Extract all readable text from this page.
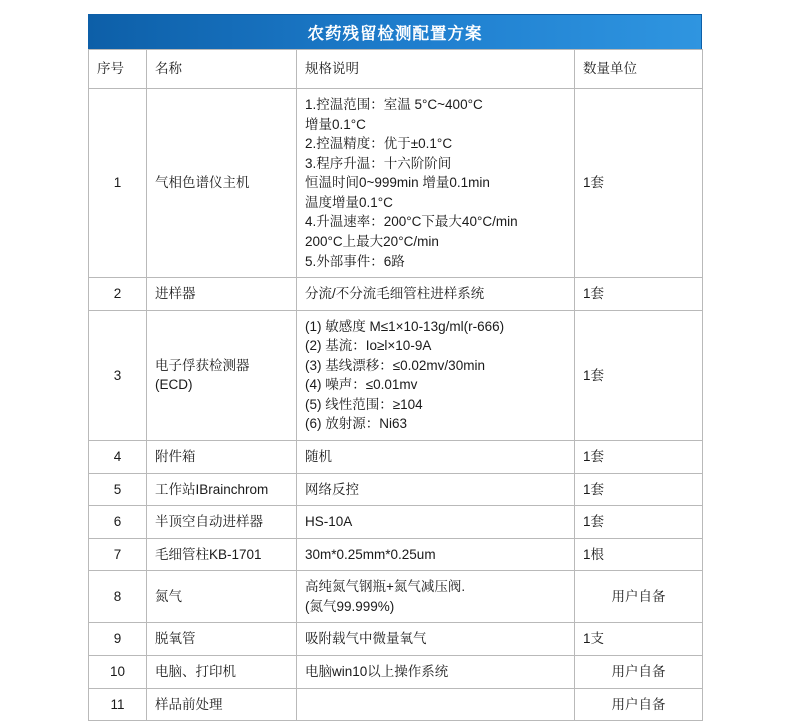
农药残留检测配置方案
序号	名称	规格说明	数量单位
1	气相色谱仪主机	1.控温范围：室温 5°C~400°C
增量0.1°C
2.控温精度：优于±0.1°C
3.程序升温：十六阶阶间
恒温时间0~999min 增量0.1min
温度增量0.1°C
4.升温速率：200°C下最大40°C/min
200°C上最大20°C/min
5.外部事件：6路	1套
2	进样器	分流/不分流毛细管柱进样系统	1套
3	电子俘获检测器
(ECD)	(1) 敏感度 M≤1×10-13g/ml(r-666)
(2) 基流：Io≥l×10-9A
(3) 基线漂移：≤0.02mv/30min
(4) 噪声：≤0.01mv
(5) 线性范围：≥104
(6) 放射源：Ni63	1套
4	附件箱	随机	1套
5	工作站IBrainchrom	网络反控	1套
6	半顶空自动进样器	HS-10A	1套
7	毛细管柱KB-1701	30m*0.25mm*0.25um	1根
8	氮气	高纯氮气钢瓶+氮气减压阀.
(氮气99.999%)	用户自备
9	脱氧管	吸附载气中微量氧气	1支
10	电脑、打印机	电脑win10以上操作系统	用户自备
11	样品前处理		用户自备
